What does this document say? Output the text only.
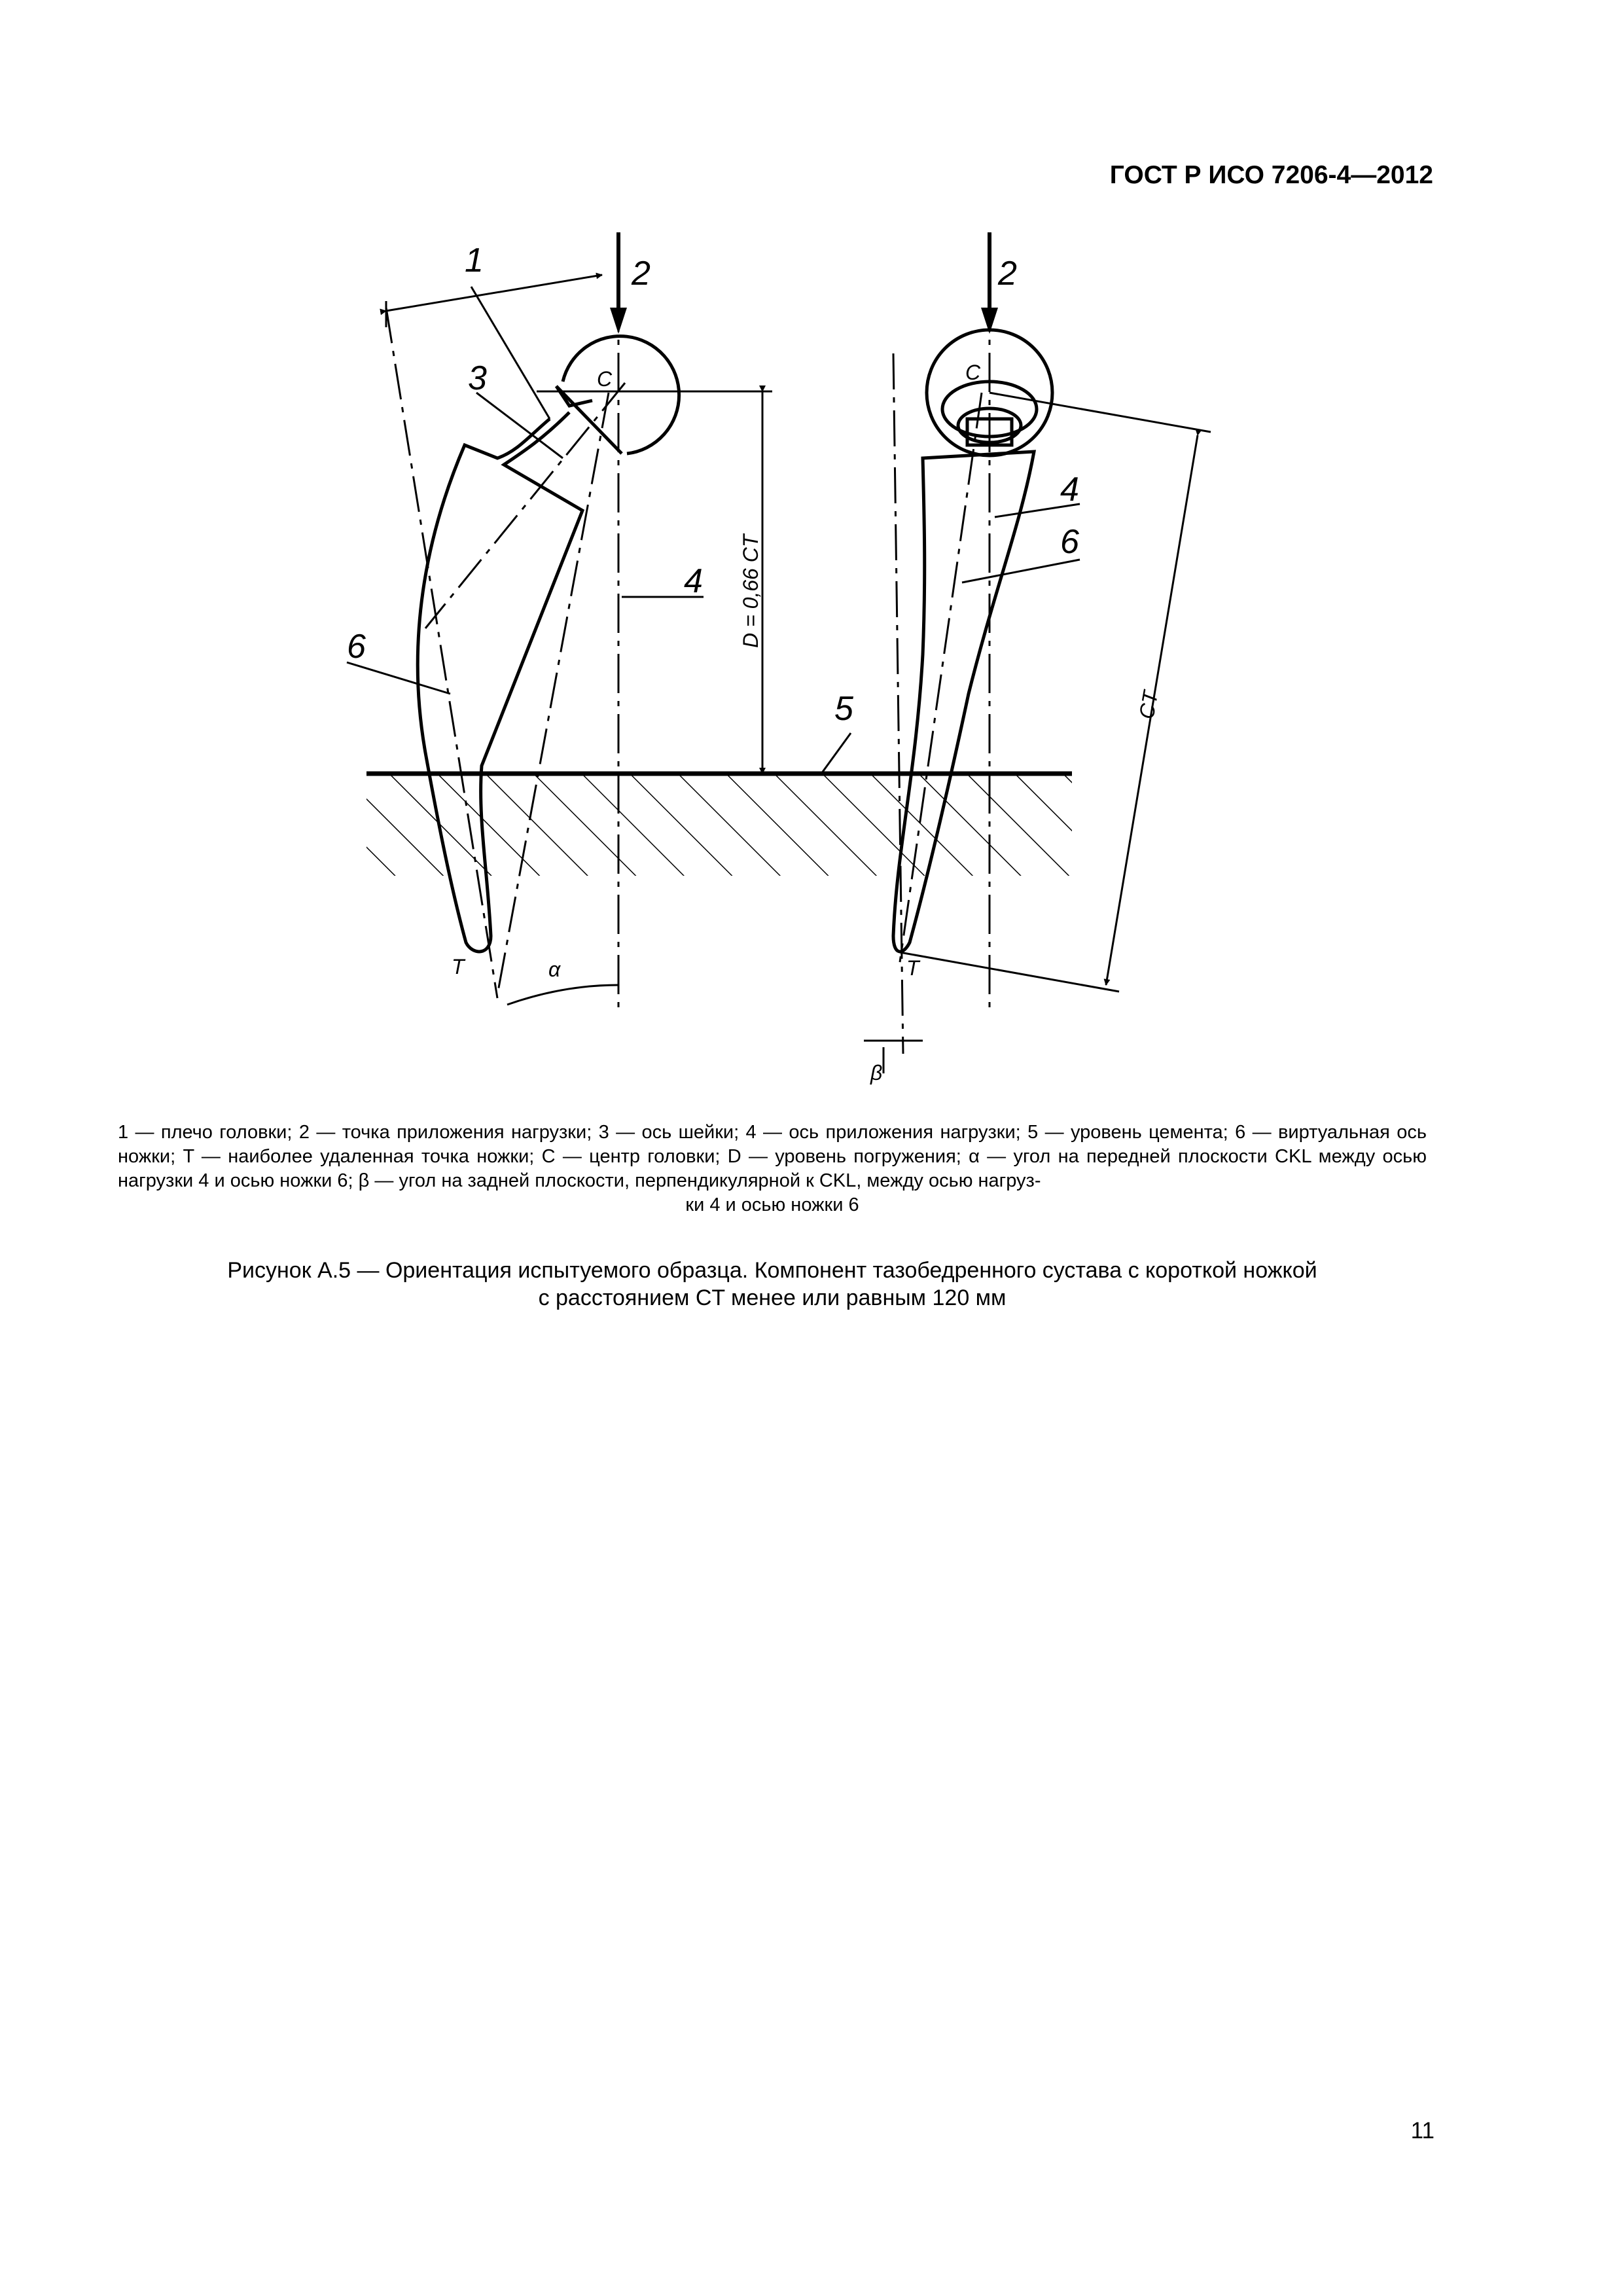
ГОСТ Р ИСО 7206-4—2012
1	2
3	C
4
6
5
D = 0,66 CT
T	α
2
C
4
6
CT
T
β
1 — плечо головки; 2 — точка приложения нагрузки; 3 — ось шейки; 4 — ось приложения нагрузки; 5 — уровень цемента; 6 — виртуальная ось ножки; T — наиболее удаленная точка ножки; C — центр головки; D — уровень погружения; α — угол на передней плоскости CKL между осью нагрузки 4 и осью ножки 6; β — угол на задней плоскости, перпендикулярной к CKL, между осью нагруз-
ки 4 и осью ножки 6
Рисунок А.5 — Ориентация испытуемого образца. Компонент тазобедренного сустава с короткой ножкой
с расстоянием CT менее или равным 120 мм
11
